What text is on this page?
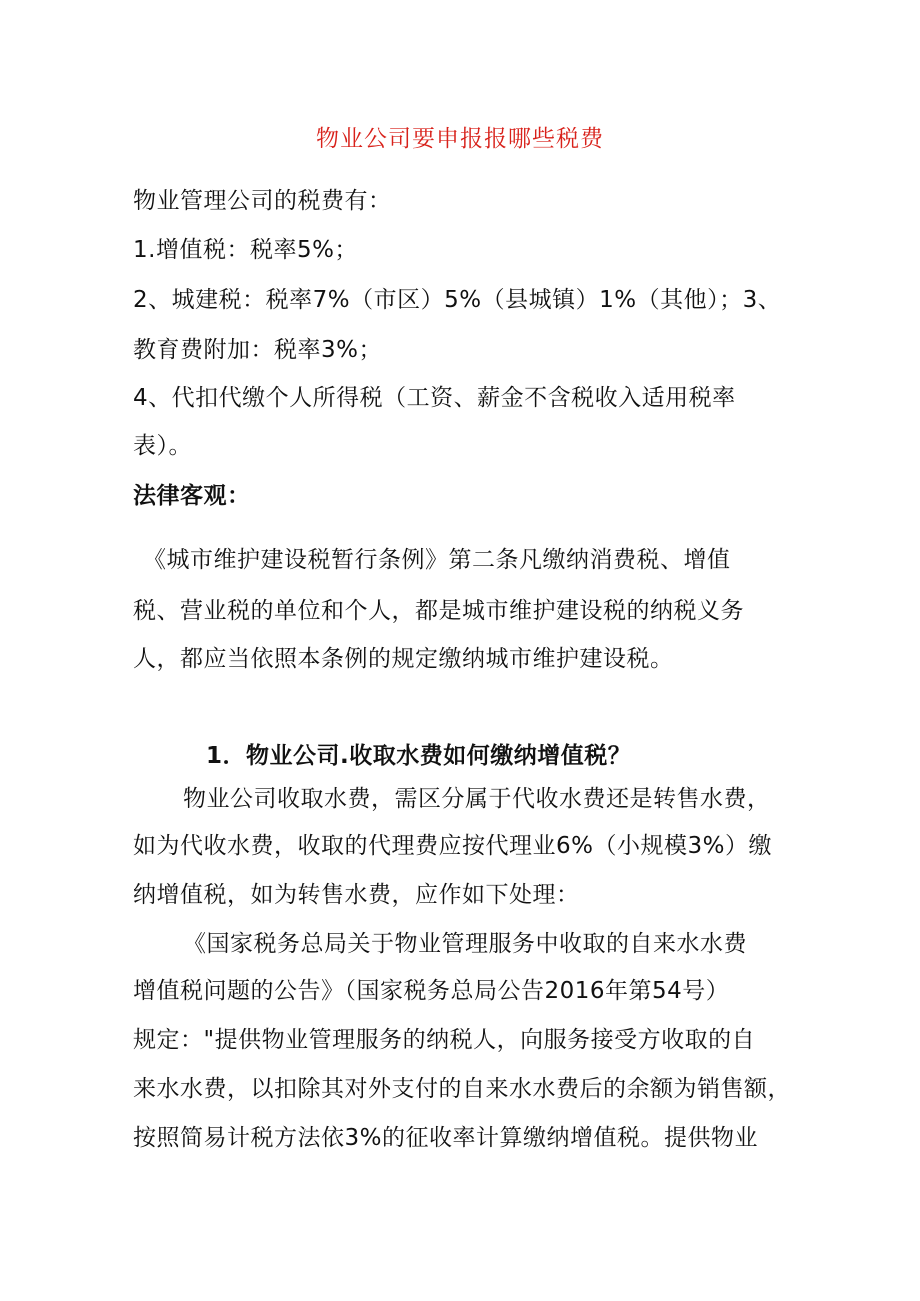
物业公司要申报报哪些税费
物业管理公司的税费有：
1.增值税：税率5%；
2、城建税：税率7%（市区）5%（县城镇）1%（其他）；3、
教育费附加：税率3%；
4、代扣代缴个人所得税（工资、薪金不含税收入适用税率
表）。
法律客观：
《城市维护建设税暂行条例》第二条凡缴纳消费税、增值
税、营业税的单位和个人，都是城市维护建设税的纳税义务
人，都应当依照本条例的规定缴纳城市维护建设税。
1．物业公司.收取水费如何缴纳增值税？
物业公司收取水费，需区分属于代收水费还是转售水费，
如为代收水费，收取的代理费应按代理业6%（小规模3%）缴
纳增值税，如为转售水费，应作如下处理：
《国家税务总局关于物业管理服务中收取的自来水水费
增值税问题的公告》（国家税务总局公告2016年第54号）
规定："提供物业管理服务的纳税人，向服务接受方收取的自
来水水费，以扣除其对外支付的自来水水费后的余额为销售额，
按照简易计税方法依3%的征收率计算缴纳增值税。提供物业
